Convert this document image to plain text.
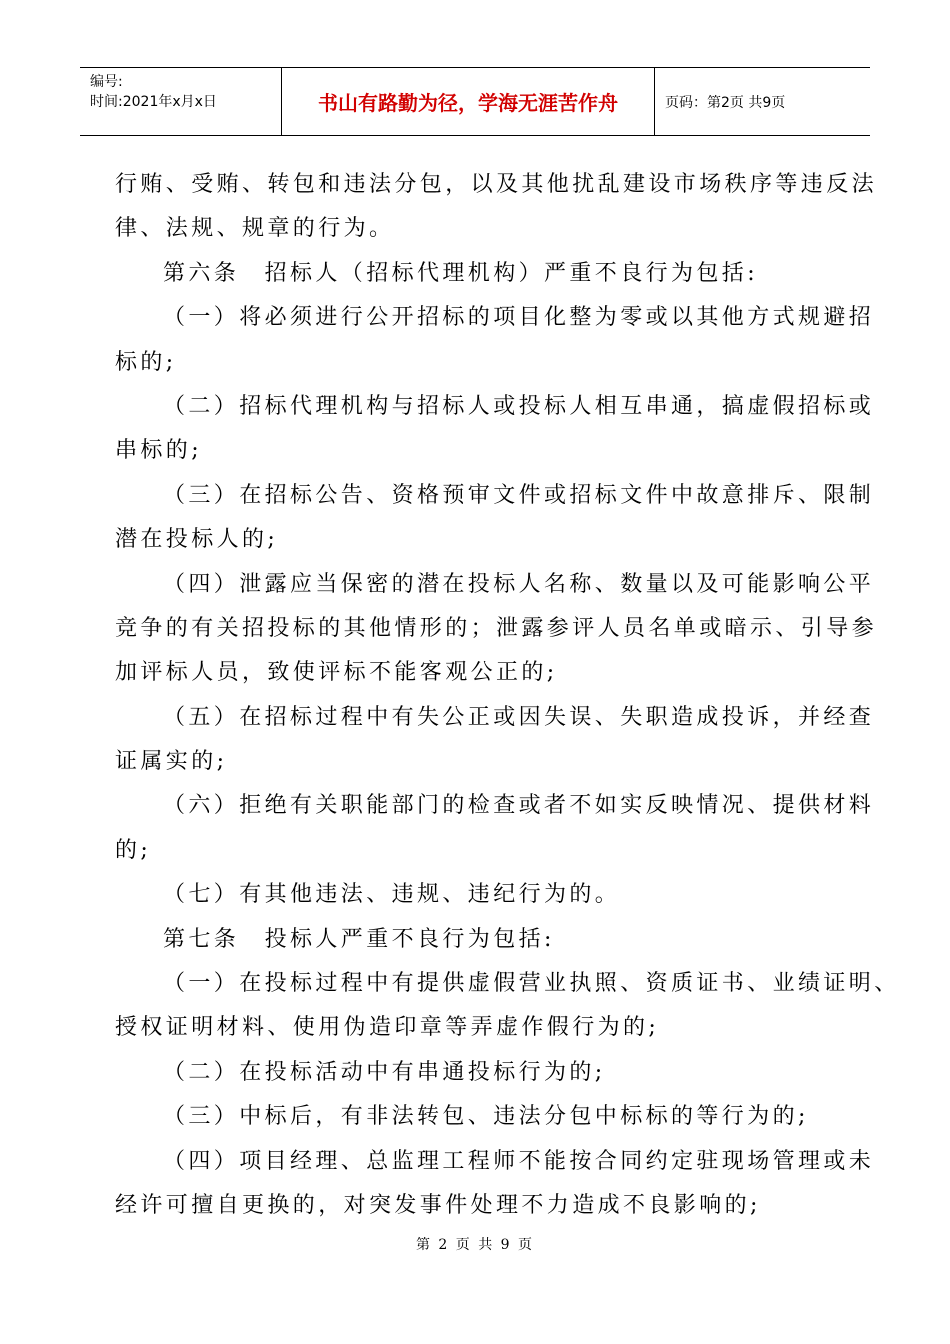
编号:
时间:2021年x月x日	书山有路勤为径，学海无涯苦作舟	页码：第2页 共9页
行贿、受贿、转包和违法分包，以及其他扰乱建设市场秩序等违反法
律、法规、规章的行为。
第六条　招标人（招标代理机构）严重不良行为包括:
（一）将必须进行公开招标的项目化整为零或以其他方式规避招
标的;
（二）招标代理机构与招标人或投标人相互串通，搞虚假招标或
串标的;
（三）在招标公告、资格预审文件或招标文件中故意排斥、限制
潜在投标人的;
（四）泄露应当保密的潜在投标人名称、数量以及可能影响公平
竞争的有关招投标的其他情形的；泄露参评人员名单或暗示、引导参
加评标人员，致使评标不能客观公正的;
（五）在招标过程中有失公正或因失误、失职造成投诉，并经查
证属实的;
（六）拒绝有关职能部门的检查或者不如实反映情况、提供材料
的;
（七）有其他违法、违规、违纪行为的。
第七条　投标人严重不良行为包括:
（一）在投标过程中有提供虚假营业执照、资质证书、业绩证明、
授权证明材料、使用伪造印章等弄虚作假行为的;
（二）在投标活动中有串通投标行为的;
（三）中标后，有非法转包、违法分包中标标的等行为的;
（四）项目经理、总监理工程师不能按合同约定驻现场管理或未
经许可擅自更换的，对突发事件处理不力造成不良影响的;
第 2 页 共 9 页
